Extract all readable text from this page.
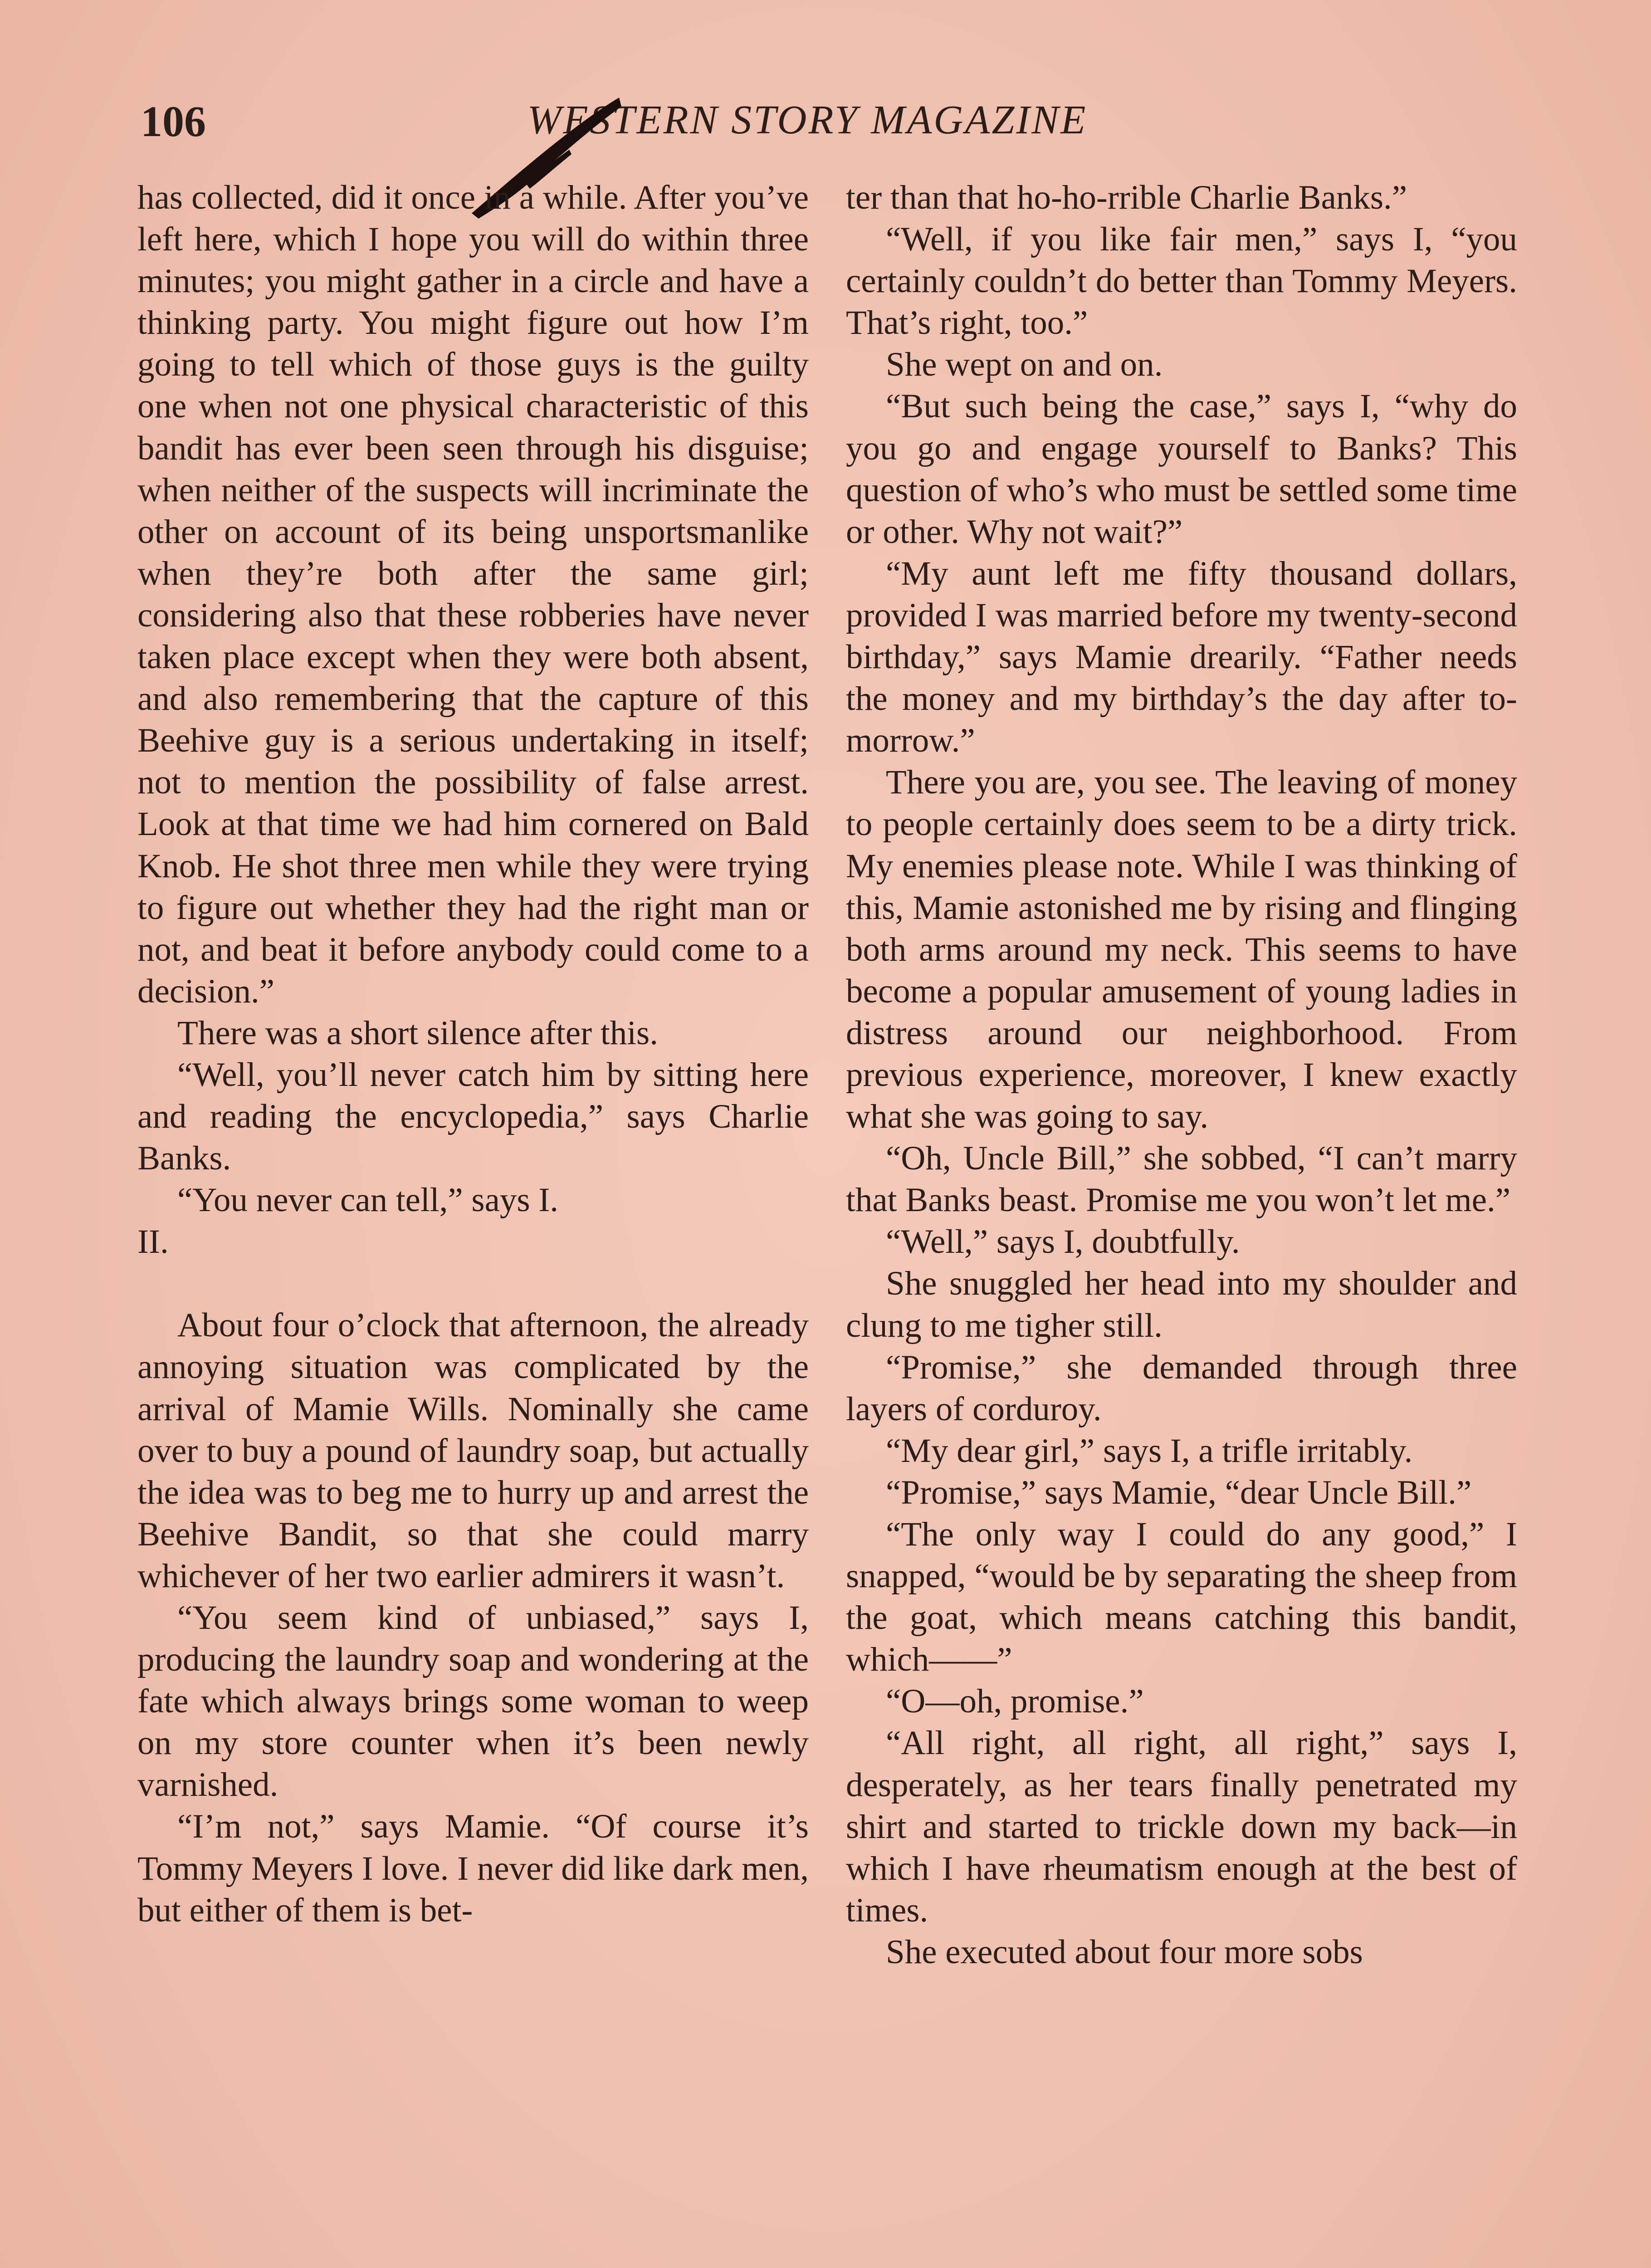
106	WESTERN STORY MAGAZINE

has collected, did it once in a while. After you’ve left here, which I hope you will do within three minutes; you might gather in a circle and have a thinking party. You might figure out how I’m going to tell which of those guys is the guilty one when not one physical characteristic of this bandit has ever been seen through his disguise; when neither of the suspects will incriminate the other on account of its being unsportsmanlike when they’re both after the same girl; considering also that these robberies have never taken place except when they were both absent, and also remembering that the capture of this Beehive guy is a serious undertaking in itself; not to mention the possibility of false arrest. Look at that time we had him cornered on Bald Knob. He shot three men while they were trying to figure out whether they had the right man or not, and beat it before anybody could come to a decision.”

There was a short silence after this.

“Well, you’ll never catch him by sitting here and reading the encyclopedia,” says Charlie Banks.

“You never can tell,” says I.

II.

About four o’clock that afternoon, the already annoying situation was complicated by the arrival of Mamie Wills. Nominally she came over to buy a pound of laundry soap, but actually the idea was to beg me to hurry up and arrest the Beehive Bandit, so that she could marry whichever of her two earlier admirers it wasn’t.

“You seem kind of unbiased,” says I, producing the laundry soap and wondering at the fate which always brings some woman to weep on my store counter when it’s been newly varnished.

“I’m not,” says Mamie. “Of course it’s Tommy Meyers I love. I never did like dark men, but either of them is bet-

ter than that ho-ho-rrible Charlie Banks.”

“Well, if you like fair men,” says I, “you certainly couldn’t do better than Tommy Meyers. That’s right, too.”

She wept on and on.

“But such being the case,” says I, “why do you go and engage yourself to Banks? This question of who’s who must be settled some time or other. Why not wait?”

“My aunt left me fifty thousand dollars, provided I was married before my twenty-second birthday,” says Mamie drearily. “Father needs the money and my birthday’s the day after to-morrow.”

There you are, you see. The leaving of money to people certainly does seem to be a dirty trick. My enemies please note. While I was thinking of this, Mamie astonished me by rising and flinging both arms around my neck. This seems to have become a popular amusement of young ladies in distress around our neighborhood. From previous experience, moreover, I knew exactly what she was going to say.

“Oh, Uncle Bill,” she sobbed, “I can’t marry that Banks beast. Promise me you won’t let me.”

“Well,” says I, doubtfully.

She snuggled her head into my shoulder and clung to me tigher still.

“Promise,” she demanded through three layers of corduroy.

“My dear girl,” says I, a trifle irritably.

“Promise,” says Mamie, “dear Uncle Bill.”

“The only way I could do any good,” I snapped, “would be by separating the sheep from the goat, which means catching this bandit, which——”

“O—oh, promise.”

“All right, all right, all right,” says I, desperately, as her tears finally penetrated my shirt and started to trickle down my back—in which I have rheumatism enough at the best of times.

She executed about four more sobs
